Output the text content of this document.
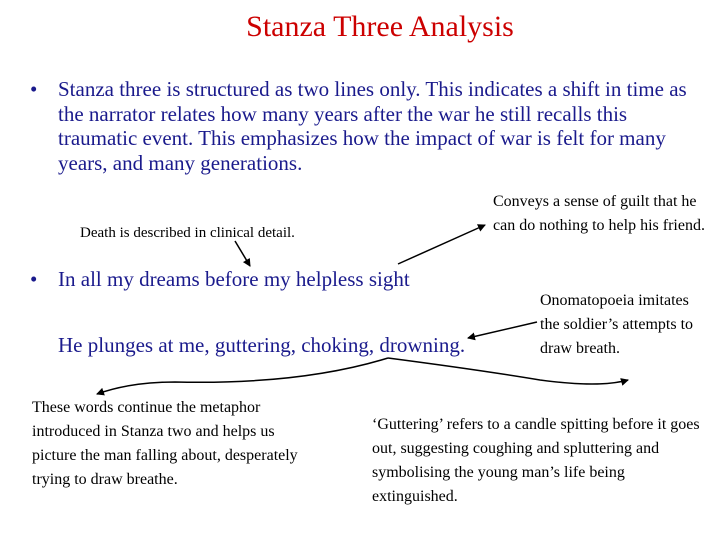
Stanza Three Analysis
• Stanza three is structured as two lines only. This indicates a shift in time as the narrator relates how many years after the war he still recalls this traumatic event. This emphasizes how the impact of war is felt for many years, and many generations.
Death is described in clinical detail.
Conveys a sense of guilt that he can do nothing to help his friend.
• In all my dreams before my helpless sight
He plunges at me, guttering, choking, drowning.
Onomatopoeia imitates the soldier’s attempts to draw breath.
These words continue the metaphor introduced in Stanza two and helps us picture the man falling about, desperately trying to draw breathe.
‘Guttering’ refers to a candle spitting before it goes out, suggesting coughing and spluttering and symbolising the young man’s life being extinguished.
